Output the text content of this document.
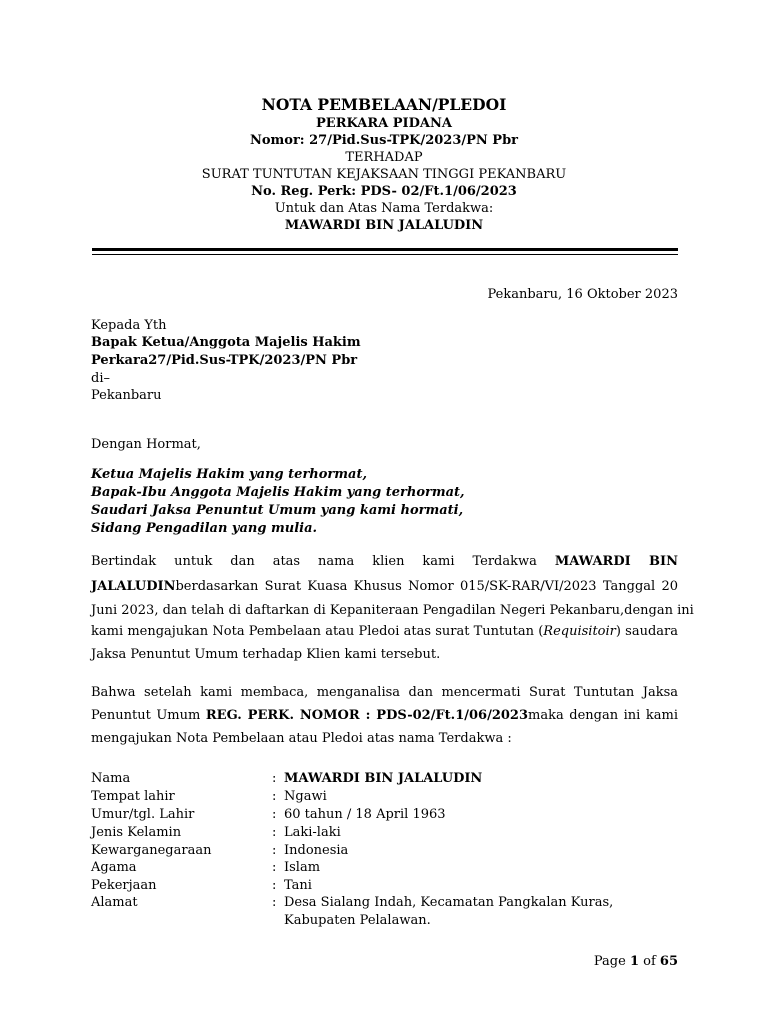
NOTA PEMBELAAN/PLEDOI
PERKARA PIDANA
Nomor: 27/Pid.Sus-TPK/2023/PN Pbr
TERHADAP
SURAT TUNTUTAN KEJAKSAAN TINGGI PEKANBARU
No. Reg. Perk: PDS- 02/Ft.1/06/2023
Untuk dan Atas Nama Terdakwa:
MAWARDI BIN JALALUDIN
Pekanbaru, 16 Oktober 2023
Kepada Yth
Bapak Ketua/Anggota Majelis Hakim
Perkara27/Pid.Sus-TPK/2023/PN Pbr
di–
Pekanbaru
Dengan Hormat,
Ketua Majelis Hakim yang terhormat,
Bapak-Ibu Anggota Majelis Hakim yang terhormat,
Saudari Jaksa Penuntut Umum yang kami hormati,
Sidang Pengadilan yang mulia.
Bertindak untuk dan atas nama klien kami Terdakwa MAWARDI BIN
JALALUDINberdasarkan Surat Kuasa Khusus Nomor 015/SK-RAR/VI/2023 Tanggal 20
Juni 2023, dan telah di daftarkan di Kepaniteraan Pengadilan Negeri Pekanbaru,dengan ini
kami mengajukan Nota Pembelaan atau Pledoi atas surat Tuntutan (Requisitoir) saudara
Jaksa Penuntut Umum terhadap Klien kami tersebut.
Bahwa setelah kami membaca, menganalisa dan mencermati Surat Tuntutan Jaksa
Penuntut Umum REG. PERK. NOMOR : PDS-02/Ft.1/06/2023maka dengan ini kami
mengajukan Nota Pembelaan atau Pledoi atas nama Terdakwa :
Nama	: MAWARDI BIN JALALUDIN
Tempat lahir	: Ngawi
Umur/tgl. Lahir	: 60 tahun / 18 April 1963
Jenis Kelamin	: Laki-laki
Kewarganegaraan	: Indonesia
Agama	: Islam
Pekerjaan	: Tani
Alamat	: Desa Sialang Indah, Kecamatan Pangkalan Kuras,
Kabupaten Pelalawan.
Page 1 of 65
